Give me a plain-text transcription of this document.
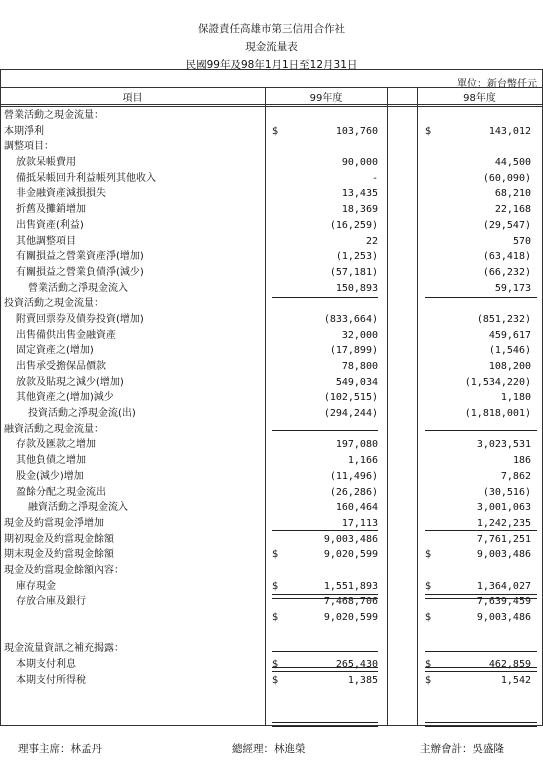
保證責任高雄市第三信用合作社
現金流量表
民國99年及98年1月1日至12月31日
單位：新台幣仟元
項目	99年度	98年度
營業活動之現金流量：
本期淨利	$	103,760	$	143,012
調整項目：
放款呆帳費用	90,000	44,500
備抵呆帳回升利益帳列其他收入	-	(60,090)
非金融資產減損損失	13,435	68,210
折舊及攤銷增加	18,369	22,168
出售資產(利益)	(16,259)	(29,547)
其他調整項目	22	570
有關損益之營業資產淨(增加)	(1,253)	(63,418)
有關損益之營業負債淨(減少)	(57,181)	(66,232)
營業活動之淨現金流入	150,893	59,173
投資活動之現金流量：
附賣回票券及債券投資(增加)	(833,664)	(851,232)
出售備供出售金融資產	32,000	459,617
固定資產之(增加)	(17,899)	(1,546)
出售承受擔保品價款	78,800	108,200
放款及貼現之減少(增加)	549,034	(1,534,220)
其他資產之(增加)減少	(102,515)	1,180
投資活動之淨現金流(出)	(294,244)	(1,818,001)
融資活動之現金流量：
存款及匯款之增加	197,080	3,023,531
其他負債之增加	1,166	186
股金(減少)增加	(11,496)	7,862
盈餘分配之現金流出	(26,286)	(30,516)
融資活動之淨現金流入	160,464	3,001,063
現金及約當現金淨增加	17,113	1,242,235
期初現金及約當現金餘額	9,003,486	7,761,251
期末現金及約當現金餘額	$	9,020,599	$	9,003,486
現金及約當現金餘額內容：
庫存現金	$	1,551,893	$	1,364,027
存放合庫及銀行	7,468,706	7,639,459
$	9,020,599	$	9,003,486
現金流量資訊之補充揭露：
本期支付利息	$	265,430	$	462,859
本期支付所得稅	$	1,385	$	1,542
理事主席：林孟丹	總經理：林進榮	主辦會計：吳盛隆
